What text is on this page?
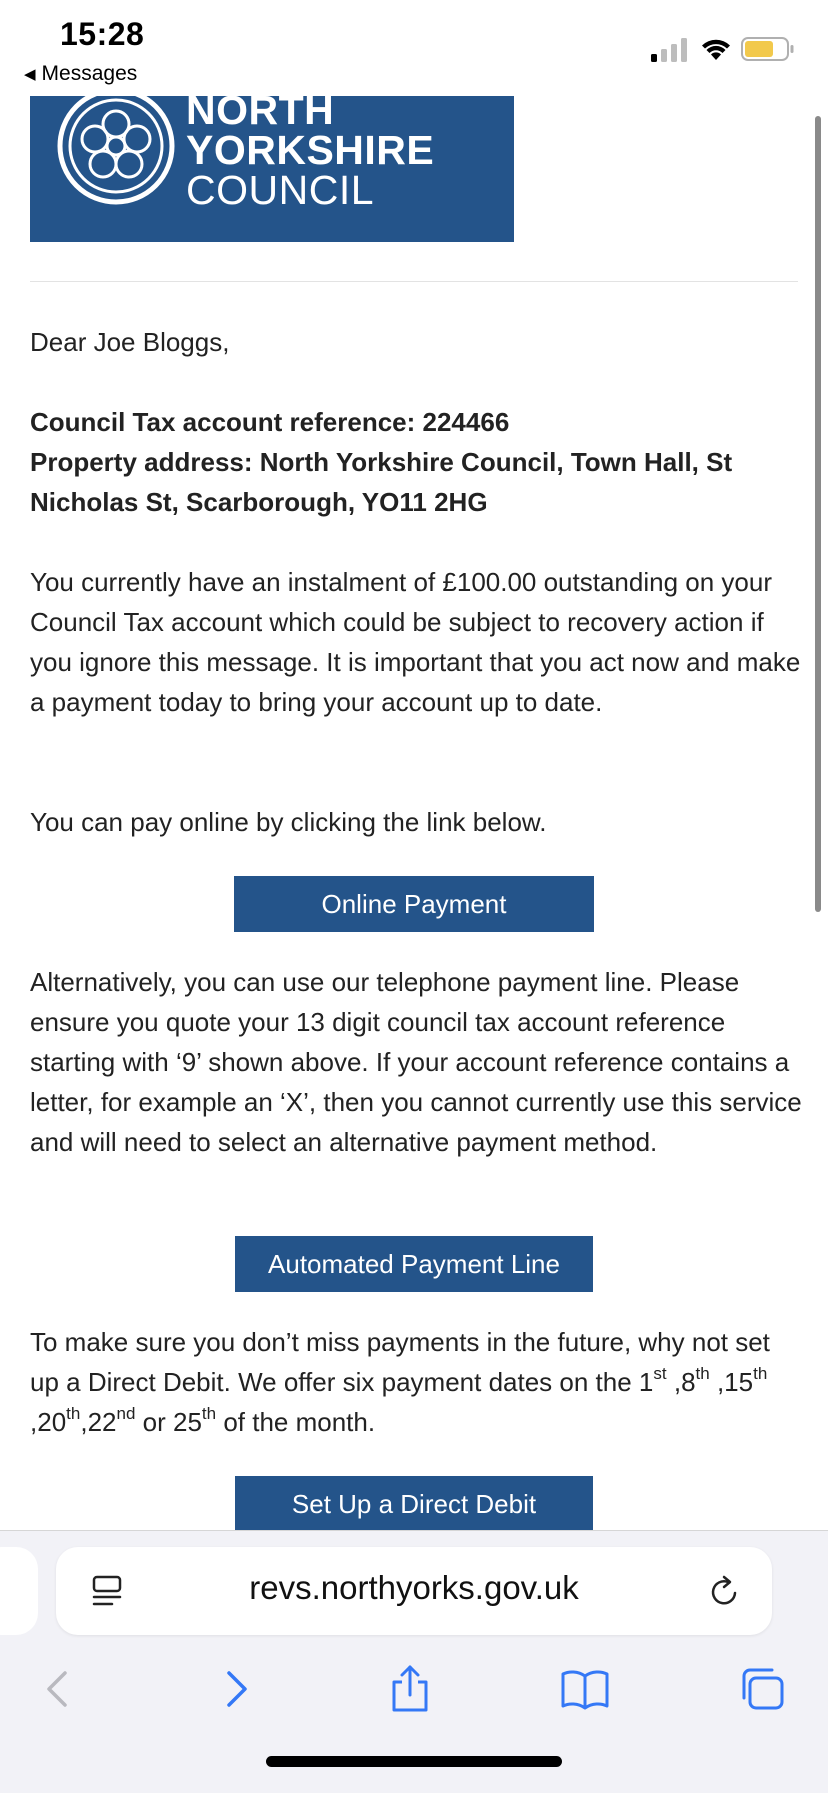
15:28
◀ Messages
NORTH
YORKSHIRE
COUNCIL
Dear Joe Bloggs,
Council Tax account reference: 224466
Property address: North Yorkshire Council, Town Hall, St Nicholas St, Scarborough, YO11 2HG
You currently have an instalment of £100.00 outstanding on your Council Tax account which could be subject to recovery action if you ignore this message. It is important that you act now and make a payment today to bring your account up to date.
You can pay online by clicking the link below.
Online Payment
Alternatively, you can use our telephone payment line. Please ensure you quote your 13 digit council tax account reference starting with ‘9’ shown above. If your account reference contains a letter, for example an ‘X’, then you cannot currently use this service and will need to select an alternative payment method.
Automated Payment Line
To make sure you don’t miss payments in the future, why not set up a Direct Debit. We offer six payment dates on the 1st ,8th ,15th ,20th,22nd or 25th of the month.
Set Up a Direct Debit
revs.northyorks.gov.uk
